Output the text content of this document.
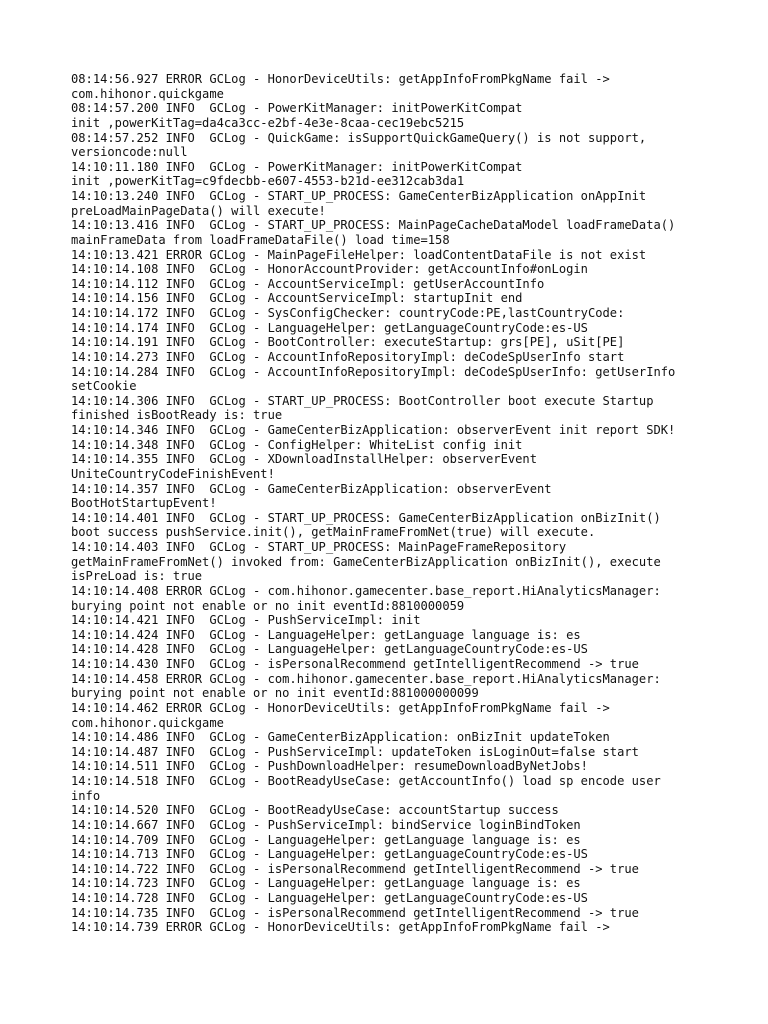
08:14:56.927 ERROR GCLog - HonorDeviceUtils: getAppInfoFromPkgName fail ->
com.hihonor.quickgame
08:14:57.200 INFO  GCLog - PowerKitManager: initPowerKitCompat
init ,powerKitTag=da4ca3cc-e2bf-4e3e-8caa-cec19ebc5215
08:14:57.252 INFO  GCLog - QuickGame: isSupportQuickGameQuery() is not support,
versioncode:null
14:10:11.180 INFO  GCLog - PowerKitManager: initPowerKitCompat
init ,powerKitTag=c9fdecbb-e607-4553-b21d-ee312cab3da1
14:10:13.240 INFO  GCLog - START_UP_PROCESS: GameCenterBizApplication onAppInit
preLoadMainPageData() will execute!
14:10:13.416 INFO  GCLog - START_UP_PROCESS: MainPageCacheDataModel loadFrameData()
mainFrameData from loadFrameDataFile() load time=158
14:10:13.421 ERROR GCLog - MainPageFileHelper: loadContentDataFile is not exist
14:10:14.108 INFO  GCLog - HonorAccountProvider: getAccountInfo#onLogin
14:10:14.112 INFO  GCLog - AccountServiceImpl: getUserAccountInfo
14:10:14.156 INFO  GCLog - AccountServiceImpl: startupInit end
14:10:14.172 INFO  GCLog - SysConfigChecker: countryCode:PE,lastCountryCode:
14:10:14.174 INFO  GCLog - LanguageHelper: getLanguageCountryCode:es-US
14:10:14.191 INFO  GCLog - BootController: executeStartup: grs[PE], uSit[PE]
14:10:14.273 INFO  GCLog - AccountInfoRepositoryImpl: deCodeSpUserInfo start
14:10:14.284 INFO  GCLog - AccountInfoRepositoryImpl: deCodeSpUserInfo: getUserInfo
setCookie
14:10:14.306 INFO  GCLog - START_UP_PROCESS: BootController boot execute Startup
finished isBootReady is: true
14:10:14.346 INFO  GCLog - GameCenterBizApplication: observerEvent init report SDK!
14:10:14.348 INFO  GCLog - ConfigHelper: WhiteList config init
14:10:14.355 INFO  GCLog - XDownloadInstallHelper: observerEvent
UniteCountryCodeFinishEvent!
14:10:14.357 INFO  GCLog - GameCenterBizApplication: observerEvent
BootHotStartupEvent!
14:10:14.401 INFO  GCLog - START_UP_PROCESS: GameCenterBizApplication onBizInit()
boot success pushService.init(), getMainFrameFromNet(true) will execute.
14:10:14.403 INFO  GCLog - START_UP_PROCESS: MainPageFrameRepository
getMainFrameFromNet() invoked from: GameCenterBizApplication onBizInit(), execute
isPreLoad is: true
14:10:14.408 ERROR GCLog - com.hihonor.gamecenter.base_report.HiAnalyticsManager:
burying point not enable or no init eventId:8810000059
14:10:14.421 INFO  GCLog - PushServiceImpl: init
14:10:14.424 INFO  GCLog - LanguageHelper: getLanguage language is: es
14:10:14.428 INFO  GCLog - LanguageHelper: getLanguageCountryCode:es-US
14:10:14.430 INFO  GCLog - isPersonalRecommend getIntelligentRecommend -> true
14:10:14.458 ERROR GCLog - com.hihonor.gamecenter.base_report.HiAnalyticsManager:
burying point not enable or no init eventId:881000000099
14:10:14.462 ERROR GCLog - HonorDeviceUtils: getAppInfoFromPkgName fail ->
com.hihonor.quickgame
14:10:14.486 INFO  GCLog - GameCenterBizApplication: onBizInit updateToken
14:10:14.487 INFO  GCLog - PushServiceImpl: updateToken isLoginOut=false start
14:10:14.511 INFO  GCLog - PushDownloadHelper: resumeDownloadByNetJobs!
14:10:14.518 INFO  GCLog - BootReadyUseCase: getAccountInfo() load sp encode user
info
14:10:14.520 INFO  GCLog - BootReadyUseCase: accountStartup success
14:10:14.667 INFO  GCLog - PushServiceImpl: bindService loginBindToken
14:10:14.709 INFO  GCLog - LanguageHelper: getLanguage language is: es
14:10:14.713 INFO  GCLog - LanguageHelper: getLanguageCountryCode:es-US
14:10:14.722 INFO  GCLog - isPersonalRecommend getIntelligentRecommend -> true
14:10:14.723 INFO  GCLog - LanguageHelper: getLanguage language is: es
14:10:14.728 INFO  GCLog - LanguageHelper: getLanguageCountryCode:es-US
14:10:14.735 INFO  GCLog - isPersonalRecommend getIntelligentRecommend -> true
14:10:14.739 ERROR GCLog - HonorDeviceUtils: getAppInfoFromPkgName fail ->
